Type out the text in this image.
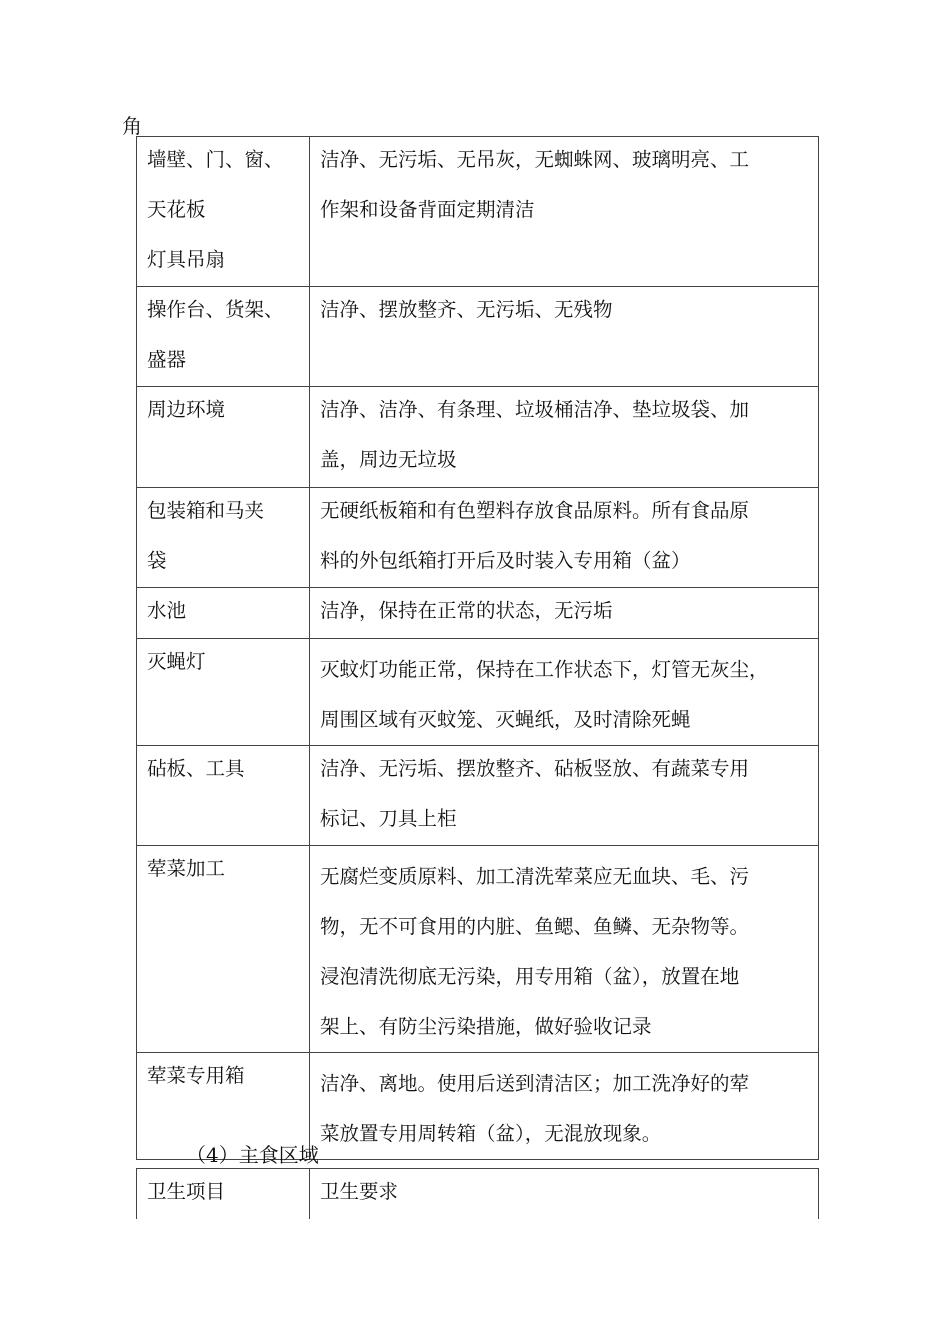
角
墙壁、门、窗、
天花板
灯具吊扇	洁净、无污垢、无吊灰，无蜘蛛网、玻璃明亮、工
作架和设备背面定期清洁

操作台、货架、
盛器	洁净、摆放整齐、无污垢、无残物

周边环境	洁净、洁净、有条理、垃圾桶洁净、垫垃圾袋、加
盖，周边无垃圾

包装箱和马夹
袋	无硬纸板箱和有色塑料存放食品原料。所有食品原
料的外包纸箱打开后及时装入专用箱（盆）

水池	洁净，保持在正常的状态，无污垢

灭蝇灯	灭蚊灯功能正常，保持在工作状态下，灯管无灰尘，
周围区域有灭蚊笼、灭蝇纸，及时清除死蝇

砧板、工具	洁净、无污垢、摆放整齐、砧板竖放、有蔬菜专用
标记、刀具上柜

荤菜加工	无腐烂变质原料、加工清洗荤菜应无血块、毛、污
物，无不可食用的内脏、鱼鳃、鱼鳞、无杂物等。
浸泡清洗彻底无污染，用专用箱（盆），放置在地
架上、有防尘污染措施，做好验收记录

荤菜专用箱	洁净、离地。使用后送到清洁区；加工洗净好的荤
菜放置专用周转箱（盆），无混放现象。
（4）主食区域
卫生项目	卫生要求
